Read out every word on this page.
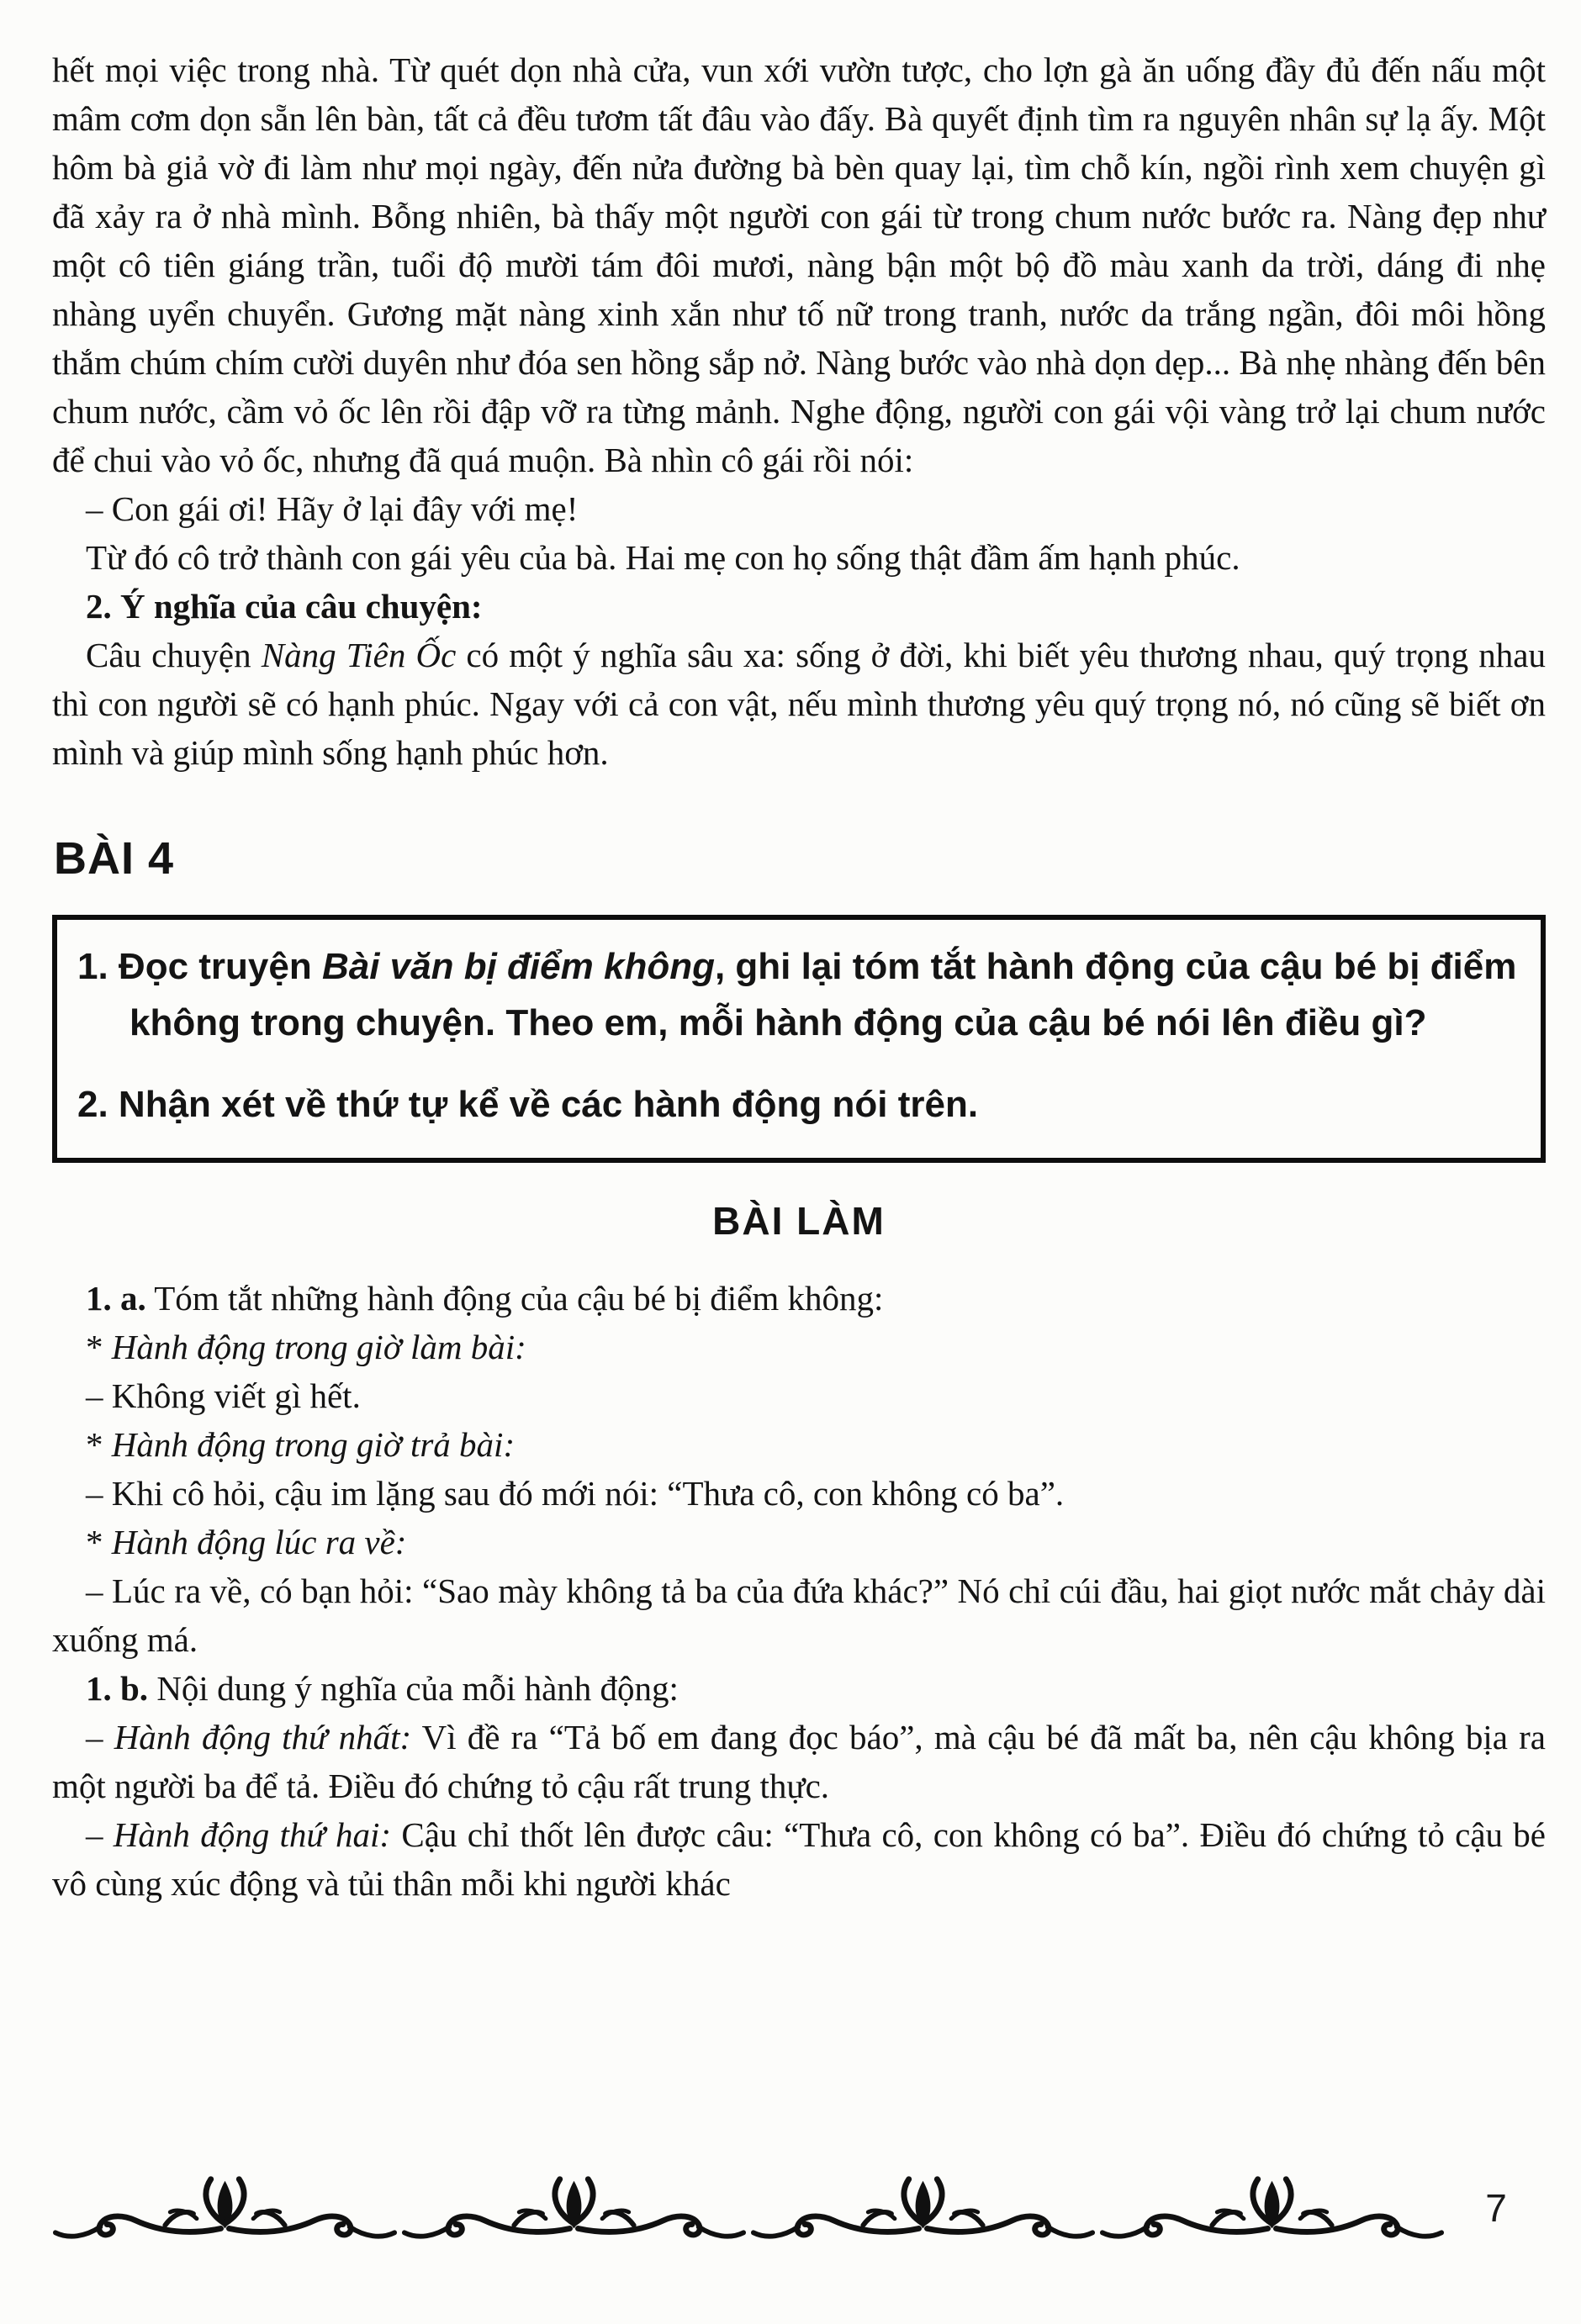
hết mọi việc trong nhà. Từ quét dọn nhà cửa, vun xới vườn tược, cho lợn gà ăn uống đầy đủ đến nấu một mâm cơm dọn sẵn lên bàn, tất cả đều tươm tất đâu vào đấy. Bà quyết định tìm ra nguyên nhân sự lạ ấy. Một hôm bà giả vờ đi làm như mọi ngày, đến nửa đường bà bèn quay lại, tìm chỗ kín, ngồi rình xem chuyện gì đã xảy ra ở nhà mình. Bỗng nhiên, bà thấy một người con gái từ trong chum nước bước ra. Nàng đẹp như một cô tiên giáng trần, tuổi độ mười tám đôi mươi, nàng bận một bộ đồ màu xanh da trời, dáng đi nhẹ nhàng uyển chuyển. Gương mặt nàng xinh xắn như tố nữ trong tranh, nước da trắng ngần, đôi môi hồng thắm chúm chím cười duyên như đóa sen hồng sắp nở. Nàng bước vào nhà dọn dẹp... Bà nhẹ nhàng đến bên chum nước, cầm vỏ ốc lên rồi đập vỡ ra từng mảnh. Nghe động, người con gái vội vàng trở lại chum nước để chui vào vỏ ốc, nhưng đã quá muộn. Bà nhìn cô gái rồi nói:

– Con gái ơi! Hãy ở lại đây với mẹ!

Từ đó cô trở thành con gái yêu của bà. Hai mẹ con họ sống thật đầm ấm hạnh phúc.

2. Ý nghĩa của câu chuyện:

Câu chuyện Nàng Tiên Ốc có một ý nghĩa sâu xa: sống ở đời, khi biết yêu thương nhau, quý trọng nhau thì con người sẽ có hạnh phúc. Ngay với cả con vật, nếu mình thương yêu quý trọng nó, nó cũng sẽ biết ơn mình và giúp mình sống hạnh phúc hơn.

BÀI 4

1. Đọc truyện Bài văn bị điểm không, ghi lại tóm tắt hành động của cậu bé bị điểm không trong chuyện. Theo em, mỗi hành động của cậu bé nói lên điều gì?

2. Nhận xét về thứ tự kể về các hành động nói trên.

BÀI LÀM

1. a. Tóm tắt những hành động của cậu bé bị điểm không:

* Hành động trong giờ làm bài:

– Không viết gì hết.

* Hành động trong giờ trả bài:

– Khi cô hỏi, cậu im lặng sau đó mới nói: “Thưa cô, con không có ba”.

* Hành động lúc ra về:

– Lúc ra về, có bạn hỏi: “Sao mày không tả ba của đứa khác?” Nó chỉ cúi đầu, hai giọt nước mắt chảy dài xuống má.

1. b. Nội dung ý nghĩa của mỗi hành động:

– Hành động thứ nhất: Vì đề ra “Tả bố em đang đọc báo”, mà cậu bé đã mất ba, nên cậu không bịa ra một người ba để tả. Điều đó chứng tỏ cậu rất trung thực.

– Hành động thứ hai: Cậu chỉ thốt lên được câu: “Thưa cô, con không có ba”. Điều đó chứng tỏ cậu bé vô cùng xúc động và tủi thân mỗi khi người khác

7
